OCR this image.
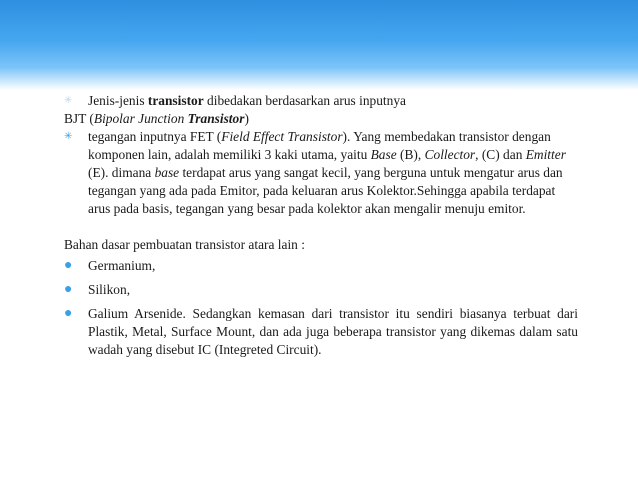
✳	Jenis-jenis transistor dibedakan berdasarkan arus inputnya
BJT (Bipolar Junction Transistor)
✳	tegangan inputnya FET (Field Effect Transistor). Yang membedakan transistor dengan komponen lain, adalah memiliki 3 kaki utama, yaitu Base (B), Collector, (C) dan Emitter (E). dimana base terdapat arus yang sangat kecil, yang berguna untuk mengatur arus dan tegangan yang ada pada Emitor, pada keluaran arus Kolektor.Sehingga apabila terdapat arus pada basis, tegangan yang besar pada kolektor akan mengalir menuju emitor.
Bahan dasar pembuatan transistor atara lain :
●	Germanium,
●	Silikon,
●	Galium Arsenide. Sedangkan kemasan dari transistor itu sendiri biasanya terbuat dari Plastik, Metal, Surface Mount, dan ada juga beberapa transistor yang dikemas dalam satu wadah yang disebut IC (Integreted Circuit).
